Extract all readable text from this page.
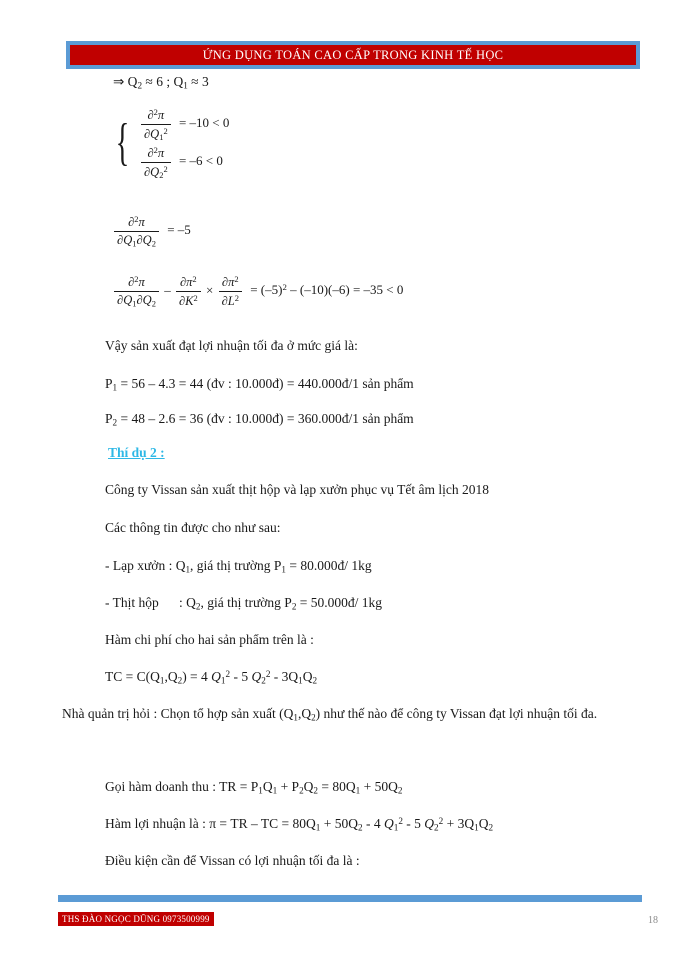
ỨNG DỤNG TOÁN CAO CẤP TRONG KINH TẾ HỌC
⇒ $Q_2 \approx 6$ ; $Q_1 \approx 3$
{ $\frac{\partial^2\pi}{\partial Q_1^2} = -10 < 0$
$\frac{\partial^2\pi}{\partial Q_2^2} = -6 < 0$
$\frac{\partial^2\pi}{\partial Q_1\partial Q_2} = -5$
$\frac{\partial^2\pi}{\partial Q_1\partial Q_2} - \frac{\partial\pi^2}{\partial K^2} \times \frac{\partial\pi^2}{\partial L^2} = (-5)^2 - (-10)(-6) = -35 < 0$
Vậy sản xuất đạt lợi nhuận tối đa ở mức giá là:
$P_1 = 56 - 4.3 = 44$ (đv : 10.000đ) = 440.000đ/1 sản phẩm
$P_2 = 48 - 2.6 = 36$ (đv : 10.000đ) = 360.000đ/1 sản phẩm
Thí dụ 2 :
Công ty Vissan sản xuất thịt hộp và lạp xưởn phục vụ Tết âm lịch 2018
Các thông tin được cho như sau:
- Lạp xưởn : $Q_1$, giá thị trường $P_1$ = 80.000đ/ 1kg
- Thịt hộp      : $Q_2$, giá thị trường $P_2$ = 50.000đ/ 1kg
Hàm chi phí cho hai sản phẩm trên là :
TC = $C(Q_1,Q_2) = 4$ $Q_1^2 - 5$ $Q_2^2 - 3Q_1Q_2$
Nhà quản trị hỏi : Chọn tổ hợp sản xuất $(Q_1,Q_2)$ như thế nào để công ty Vissan đạt lợi nhuận tối đa.
Gọi hàm doanh thu : TR = $P_1Q_1 + P_2Q_2 = 80Q_1 + 50Q_2$
Hàm lợi nhuận là : π = TR – TC = $80Q_1 + 50Q_2 - 4$ $Q_1^2 - 5$ $Q_2^2 + 3Q_1Q_2$
Điều kiện cần để Vissan có lợi nhuận tối đa là :
THS ĐÀO NGỌC DŨNG 0973500999	18
